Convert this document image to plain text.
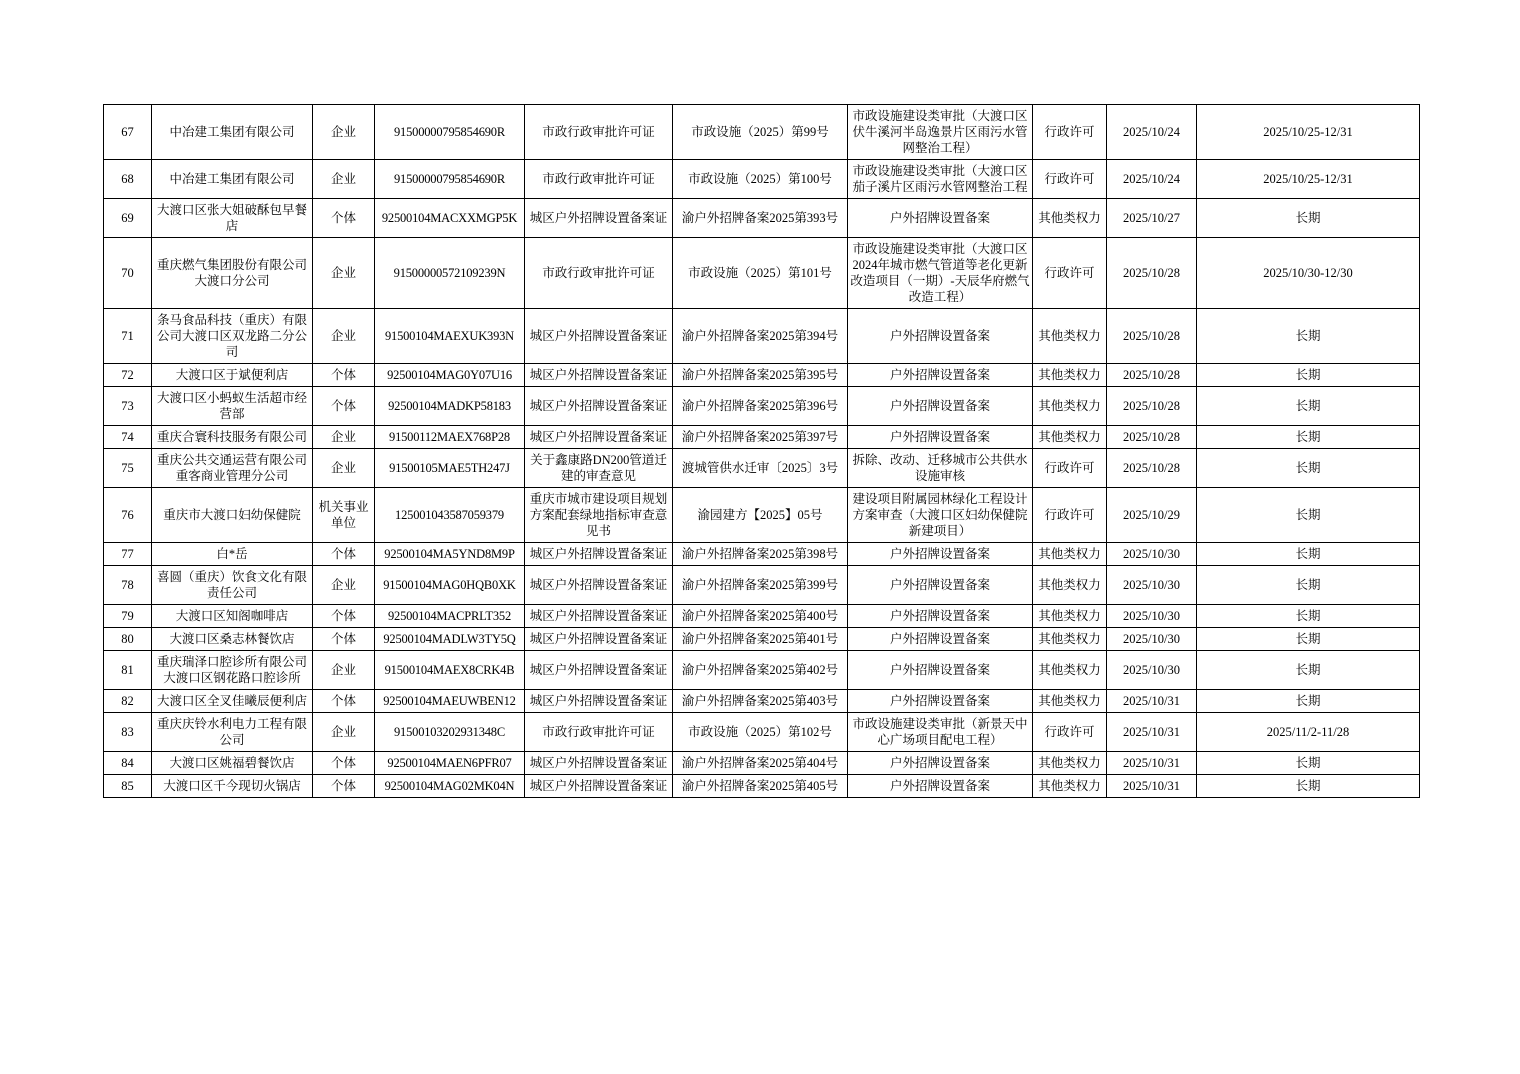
67	中冶建工集团有限公司	企业	91500000795854690R	市政行政审批许可证	市政设施（2025）第99号	市政设施建设类审批（大渡口区伏牛溪河半岛逸景片区雨污水管网整治工程）	行政许可	2025/10/24	2025/10/25-12/31
68	中冶建工集团有限公司	企业	91500000795854690R	市政行政审批许可证	市政设施（2025）第100号	市政设施建设类审批（大渡口区茄子溪片区雨污水管网整治工程	行政许可	2025/10/24	2025/10/25-12/31
69	大渡口区张大姐破酥包早餐店	个体	92500104MACXXMGP5K	城区户外招牌设置备案证	渝户外招牌备案2025第393号	户外招牌设置备案	其他类权力	2025/10/27	长期
70	重庆燃气集团股份有限公司大渡口分公司	企业	91500000572109239N	市政行政审批许可证	市政设施（2025）第101号	市政设施建设类审批（大渡口区2024年城市燃气管道等老化更新改造项目（一期）-天辰华府燃气改造工程）	行政许可	2025/10/28	2025/10/30-12/30
71	条马食品科技（重庆）有限公司大渡口区双龙路二分公司	企业	91500104MAEXUK393N	城区户外招牌设置备案证	渝户外招牌备案2025第394号	户外招牌设置备案	其他类权力	2025/10/28	长期
72	大渡口区于斌便利店	个体	92500104MAG0Y07U16	城区户外招牌设置备案证	渝户外招牌备案2025第395号	户外招牌设置备案	其他类权力	2025/10/28	长期
73	大渡口区小蚂蚁生活超市经营部	个体	92500104MADKP58183	城区户外招牌设置备案证	渝户外招牌备案2025第396号	户外招牌设置备案	其他类权力	2025/10/28	长期
74	重庆合寰科技服务有限公司	企业	91500112MAEX768P28	城区户外招牌设置备案证	渝户外招牌备案2025第397号	户外招牌设置备案	其他类权力	2025/10/28	长期
75	重庆公共交通运营有限公司重客商业管理分公司	企业	91500105MAE5TH247J	关于鑫康路DN200管道迁建的审查意见	渡城管供水迁审〔2025〕3号	拆除、改动、迁移城市公共供水设施审核	行政许可	2025/10/28	长期
76	重庆市大渡口妇幼保健院	机关事业单位	125001043587059379	重庆市城市建设项目规划方案配套绿地指标审查意见书	渝园建方【2025】05号	建设项目附属园林绿化工程设计方案审查（大渡口区妇幼保健院新建项目）	行政许可	2025/10/29	长期
77	白*岳	个体	92500104MA5YND8M9P	城区户外招牌设置备案证	渝户外招牌备案2025第398号	户外招牌设置备案	其他类权力	2025/10/30	长期
78	喜圆（重庆）饮食文化有限责任公司	企业	91500104MAG0HQB0XK	城区户外招牌设置备案证	渝户外招牌备案2025第399号	户外招牌设置备案	其他类权力	2025/10/30	长期
79	大渡口区知阁咖啡店	个体	92500104MACPRLT352	城区户外招牌设置备案证	渝户外招牌备案2025第400号	户外招牌设置备案	其他类权力	2025/10/30	长期
80	大渡口区桑志林餐饮店	个体	92500104MADLW3TY5Q	城区户外招牌设置备案证	渝户外招牌备案2025第401号	户外招牌设置备案	其他类权力	2025/10/30	长期
81	重庆瑞泽口腔诊所有限公司大渡口区钢花路口腔诊所	企业	91500104MAEX8CRK4B	城区户外招牌设置备案证	渝户外招牌备案2025第402号	户外招牌设置备案	其他类权力	2025/10/30	长期
82	大渡口区全叉佳曦辰便利店	个体	92500104MAEUWBEN12	城区户外招牌设置备案证	渝户外招牌备案2025第403号	户外招牌设置备案	其他类权力	2025/10/31	长期
83	重庆庆铃水利电力工程有限公司	企业	91500103202931348C	市政行政审批许可证	市政设施（2025）第102号	市政设施建设类审批（新景天中心广场项目配电工程）	行政许可	2025/10/31	2025/11/2-11/28
84	大渡口区姚福碧餐饮店	个体	92500104MAEN6PFR07	城区户外招牌设置备案证	渝户外招牌备案2025第404号	户外招牌设置备案	其他类权力	2025/10/31	长期
85	大渡口区千今现切火锅店	个体	92500104MAG02MK04N	城区户外招牌设置备案证	渝户外招牌备案2025第405号	户外招牌设置备案	其他类权力	2025/10/31	长期
